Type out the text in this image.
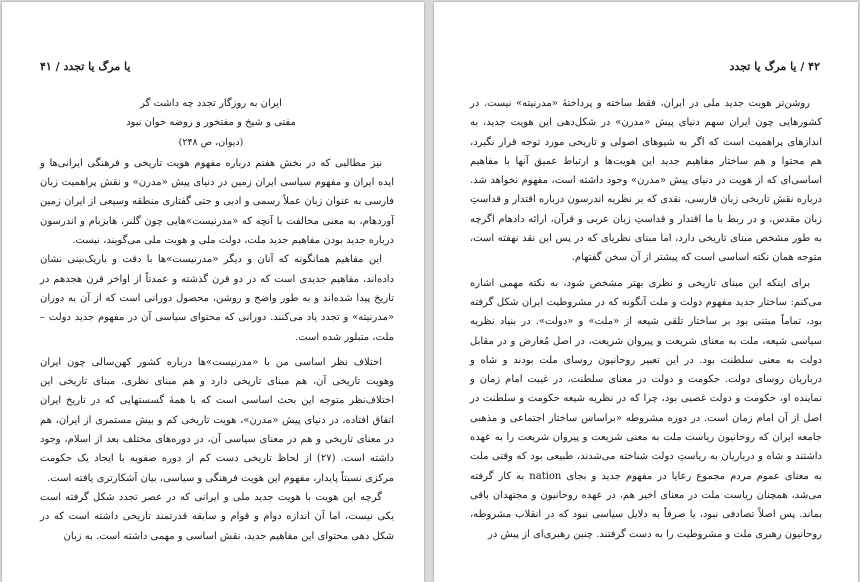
یا مرگ یا تجدد / ۴۱

ایران به روزگار تجدد چه داشت گر

مفتی و شیخ و مفتخور و روضه خوان نبود

(دیوان، ص ۲۴۸)

نیز مطالبی که در بخش هفتم درباره مفهوم هویت تاریخی و فرهنگی ایرانی‌ها و ایده ایران و مفهوم سیاسی ایران زمین در دنیای پیش «مدرن» و نقش پراهمیت زبان فارسی به عنوان زبان عملاً رسمی و ادبی و حتی گفتاری منطقه وسیعی از ایران زمین آوردهام، به معنی مخالفت با آنچه که «مدرنیست»هایی چون گلنر، هابزبام و اندرسون درباره جدید بودن مفاهیم جدید ملت، دولت ملی و هویت ملی می‌گویند، نیست.

این مفاهیم همانگونه که آنان و دیگر «مدرنیست»ها با دقت و باریک‌بینی نشان داده‌اند، مفاهیم جدیدی است که در دو قرن گذشته و عمدتاً از اواخر قرن هجدهم در تاریخ پیدا شده‌اند و به طور واضح و روشن، محصول دورانی است که از آن به دوران «مدرنیته» و تجدد یاد می‌کنند. دورانی که محتوای سیاسی آن در مفهوم جدید دولت – ملت، متبلور شده است.

اختلاف نظر اساسی من با «مدرنیست»ها درباره کشور کهن‌سالی چون ایران وهویت تاریخی آن، هم مبنای تاریخی دارد و هم مبنای نظری. مبنای تاریخی این اختلاف‌نظر متوجه این بحث اساسی است که با همهٔ گسستهایی که در تاریخ ایران اتفاق افتاده، در دنیای پیش «مدرن»، هویت تاریخی کم و بیش مستمری از ایران، هم در معنای تاریخی و هم در معنای سیاسی آن، در دوره‌های مختلف بعد از اسلام، وجود داشته است. (۲۷) از لحاظ تاریخی دست کم از دوره صفویه با ایجاد یک حکومت مرکزی نسبتاً پایدار، مفهوم این هویت فرهنگی و سیاسی، بیان آشکارتری یافته است.

گرچه این هویت با هویت جدید ملی و ایرانی که در عصر تجدد شکل گرفته است یکی نیست، اما آن اندازه دوام و قوام و سابقه قدرتمند تاریخی داشته است که در شکل دهی محتوای این مفاهیم جدید، نقش اساسی و مهمی داشته است. به زبان

۴۲ / یا مرگ یا تجدد

روشن‌تر هویت جدید ملی در ایران، فقط ساخته و پرداختهٔ «مدرنیته» نیست. در کشورهایی چون ایران سهم دنیای پیش «مدرن» در شکل‌دهی این هویت جدید، به اندازهای پراهمیت است که اگر به شیوهای اصولی و تاریخی مورد توجه قرار نگیرد، هم محتوا و هم ساختار مفاهیم جدید این هویت‌ها و ارتباط عمیق آنها با مفاهیم اساسی‌ای که از هویت در دنیای پیش «مدرن» وجود داشته است، مفهوم نخواهد شد. درباره نقش تاریخی زبان فارسی، نقدی که بر نظریه اندرسون درباره اقتدار و قداستِ زبان مقدس، و در ربط با ما اقتدار و قداستِ زبان عربی و قرآن، ارائه دادهام اگرچه به طور مشخص مبنای تاریخی دارد، اما مبنای نظریای که در پس این نقد نهفته است، متوجه همان نکته اساسی است که پیشتر از آن سخن گفتهام.

برای اینکه این مبنای تاریخی و نظری بهتر مشخص شود، به نکته مهمی اشاره می‌کنم: ساختار جدید مفهوم دولت و ملت آنگونه که در مشروطیت ایران شکل گرفته بود، تماماً مبتنی بود بر ساختار تلقی شیعه از «ملت» و «دولت». در بنیاد نظریه سیاسی شیعه، ملت به معنای شریعت و پیروان شریعت، در اصل مُعارض و در مقابل دولت به معنی سلطنت بود. در این تعبیر روحانیون روسای ملت بودند و شاه و درباریان روسای دولت. حکومت و دولت در معنای سلطنت، در غیبت امام زمان و نماینده او، حکومت و دولت غصبی بود، چرا که در نظریه شیعه حکومت و سلطنت در اصل از آن امام زمان است. در دوره مشروطه «براساس ساختار اجتماعی و مذهبی جامعه ایران که روحانیون ریاست ملت به معنی شریعت و پیروان شریعت را به عهده داشتند و شاه و درباریان به ریاستِ دولت شناخته می‌شدند، طبیعی بود که وقتی ملت به معنای عموم مردم مجموع رعایا در مفهوم جدید و بجای nation به کار گرفته می‌شد، همچنان ریاست ملت در معنای اخیر هم، در عهده روحانیون و مجتهدان باقی بماند. پس اصلاً تصادفی نبود، یا صرفاً به دلایل سیاسی نبود که در انقلاب مشروطه، روحانیون رهبری ملت و مشروطیت را به دست گرفتند. چنین رهبری‌ای از پیش در
